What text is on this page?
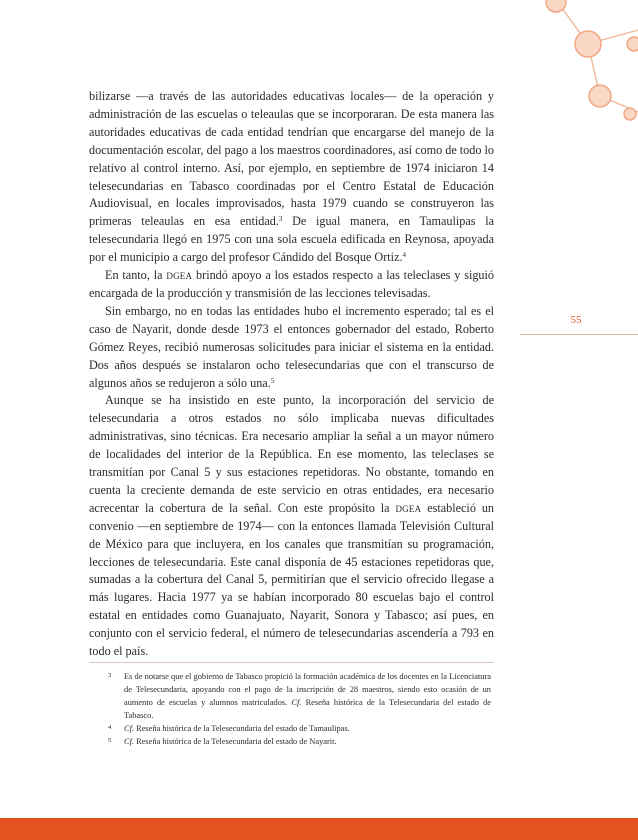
bilizarse —a través de las autoridades educativas locales— de la operación y administración de las escuelas o teleaulas que se incorporaran. De esta manera las autoridades educativas de cada entidad tendrían que encargarse del manejo de la documentación escolar, del pago a los maestros coordinadores, así como de todo lo relativo al control interno. Así, por ejemplo, en septiembre de 1974 iniciaron 14 telesecundarias en Tabasco coordinadas por el Centro Estatal de Educación Audiovisual, en locales improvisados, hasta 1979 cuando se construyeron las primeras teleaulas en esa entidad.$^3$ De igual manera, en Tamaulipas la telesecundaria llegó en 1975 con una sola escuela edificada en Reynosa, apoyada por el municipio a cargo del profesor Cándido del Bosque Ortiz.$^4$

En tanto, la dgea brindó apoyo a los estados respecto a las teleclases y siguió encargada de la producción y transmisión de las lecciones televisadas.

Sin embargo, no en todas las entidades hubo el incremento esperado; tal es el caso de Nayarit, donde desde 1973 el entonces gobernador del estado, Roberto Gómez Reyes, recibió numerosas solicitudes para iniciar el sistema en la entidad. Dos años después se instalaron ocho telesecundarias que con el transcurso de algunos años se redujeron a sólo una.$^5$

Aunque se ha insistido en este punto, la incorporación del servicio de telesecundaria a otros estados no sólo implicaba nuevas dificultades administrativas, sino técnicas. Era necesario ampliar la señal a un mayor número de localidades del interior de la República. En ese momento, las teleclases se transmitían por Canal 5 y sus estaciones repetidoras. No obstante, tomando en cuenta la creciente demanda de este servicio en otras entidades, era necesario acrecentar la cobertura de la señal. Con este propósito la dgea estableció un convenio —en septiembre de 1974— con la entonces llamada Televisión Cultural de México para que incluyera, en los canales que transmitían su programación, lecciones de telesecundaria. Este canal disponía de 45 estaciones repetidoras que, sumadas a la cobertura del Canal 5, permitirían que el servicio ofrecido llegase a más lugares. Hacia 1977 ya se habían incorporado 80 escuelas bajo el control estatal en entidades como Guanajuato, Nayarit, Sonora y Tabasco; así pues, en conjunto con el servicio federal, el número de telesecundarias ascendería a 793 en todo el país.

55
3 Es de notarse que el gobierno de Tabasco propició la formación académica de los docentes en la Licenciatura de Telesecundaria, apoyando con el pago de la inscripción de 28 maestros, siendo esto ocasión de un aumento de escuelas y alumnos matriculados. Cf. Reseña histórica de la Telesecundaria del estado de Tabasco.
4 Cf. Reseña histórica de la Telesecundaria del estado de Tamaulipas.
5 Cf. Reseña histórica de la Telesecundaria del estado de Nayarit.
